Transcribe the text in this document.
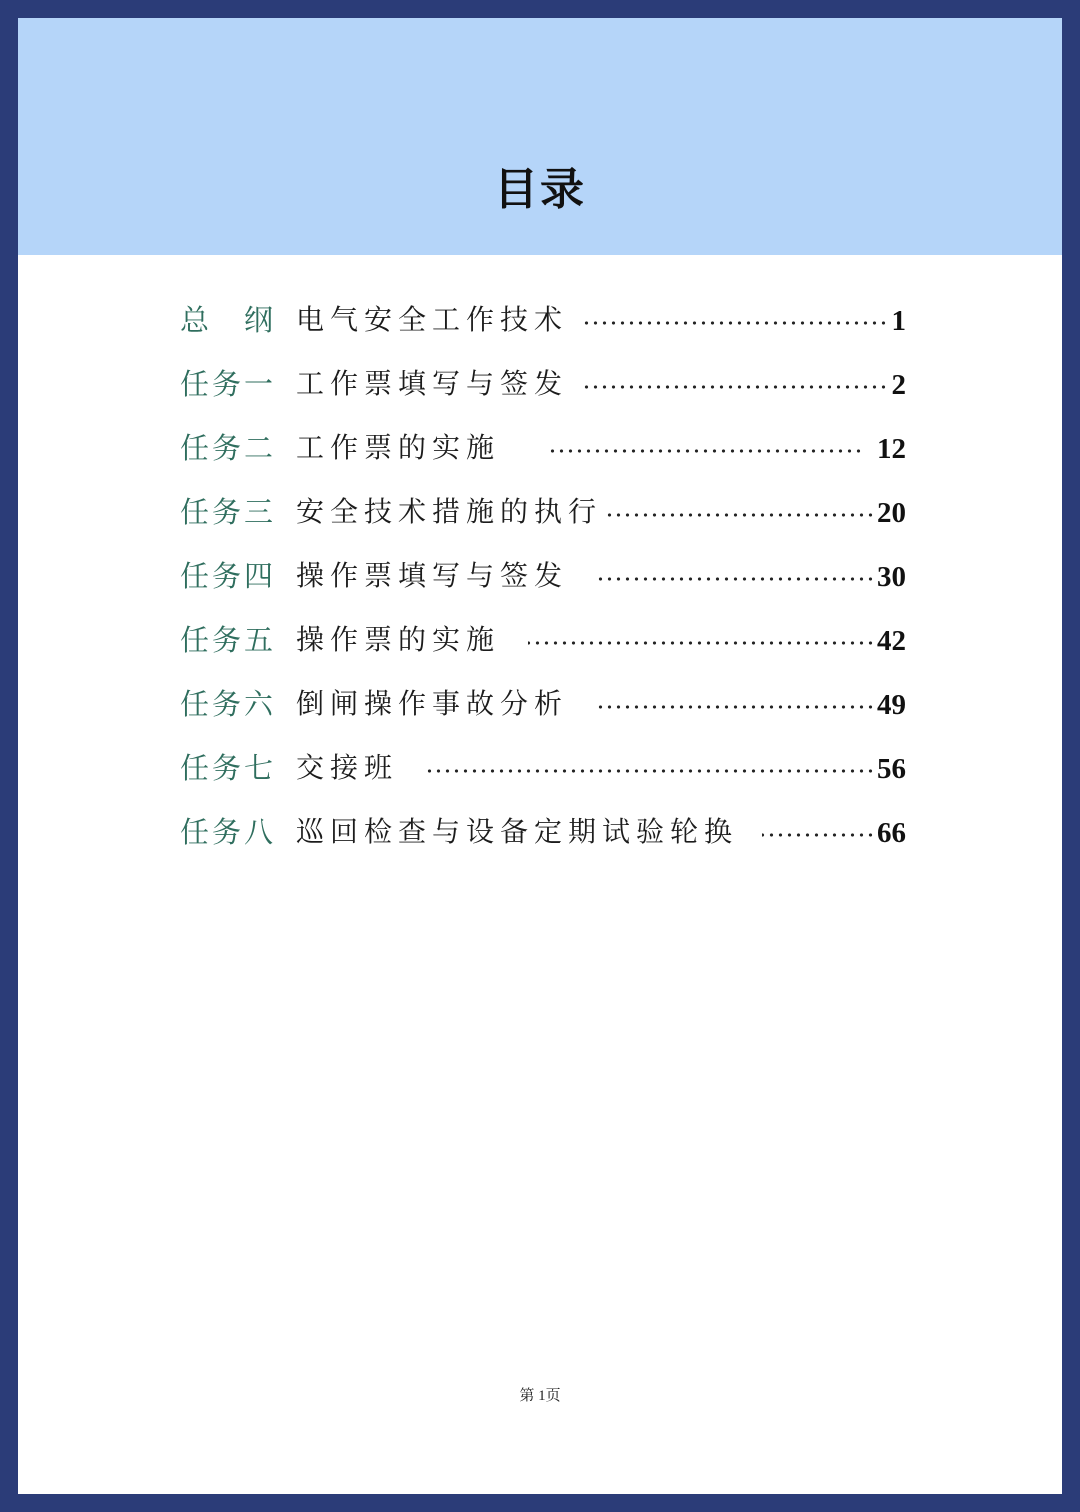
目录
总　纲 电气安全工作技术	1
任务一 工作票填写与签发	2
任务二 工作票的实施	12
任务三 安全技术措施的执行	20
任务四 操作票填写与签发	30
任务五 操作票的实施	42
任务六 倒闸操作事故分析	49
任务七 交接班	56
任务八 巡回检查与设备定期试验轮换	66
第 1页
